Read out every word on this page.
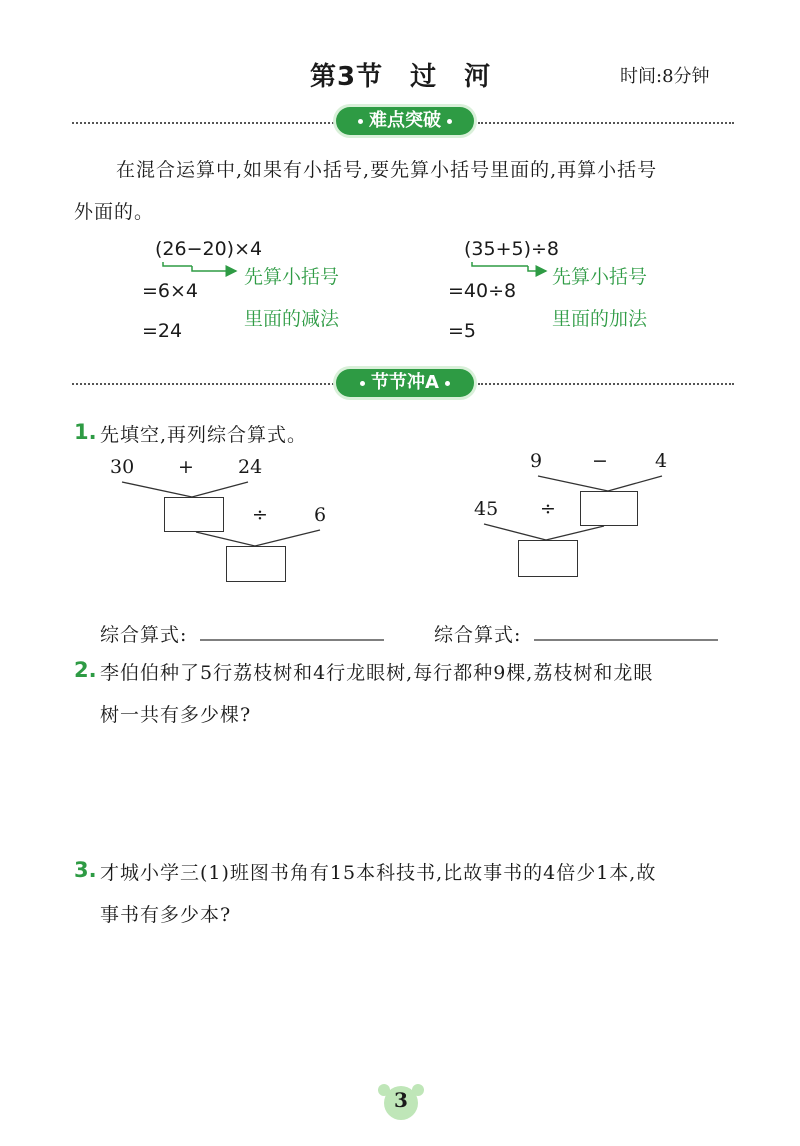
第3节　过　河	时间:8分钟
难点突破
在混合运算中,如果有小括号,要先算小括号里面的,再算小括号
外面的。
(26−20)×4
=6×4
=24
先算小括号
里面的减法
(35+5)÷8
=40÷8
=5
先算小括号
里面的加法
节节冲A
1. 先填空,再列综合算式。
30 + 24
÷ 6
9	− 4
45 ÷
综合算式:	综合算式:
2. 李伯伯种了5行荔枝树和4行龙眼树,每行都种9棵,荔枝树和龙眼
树一共有多少棵?
3. 才城小学三(1)班图书角有15本科技书,比故事书的4倍少1本,故
事书有多少本?
3
